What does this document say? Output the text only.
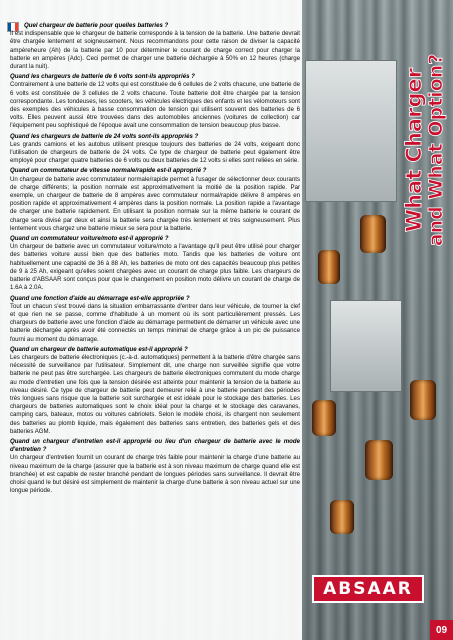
Quel chargeur de batterie pour quelles batteries ?

Il est indispensable que le chargeur de batterie corresponde à la tension de la batterie. Une batterie devrait être chargée lentement et soigneusement. Nous recommandons pour cette raison de diviser la capacité ampèreheure (Ah) de la batterie par 10 pour déterminer le courant de charge correct pour charger la batterie en ampères (Adc). Ceci permet de charger une batterie déchargée à 50% en 12 heures (charge durant la nuit).

Quand les chargeurs de batterie de 6 volts sont-ils appropriés ?

Contrairement à une batterie de 12 volts qui est constituée de 6 cellules de 2 volts chacune, une batterie de 6 volts est constituée de 3 cellules de 2 volts chacune. Toute batterie doit être chargée par la tension correspondante. Les tondeuses, les scooters, les véhicules électriques des enfants et les vélomoteurs sont des exemples des véhicules à basse consommation de tension qui utilisent souvent des batteries de 6 volts. Elles peuvent aussi être trouvées dans des automobiles anciennes (voitures de collection) car l'équipement peu sophistiqué de l'époque avait une consommation de tension beaucoup plus basse.

Quand les chargeurs de batterie de 24 volts sont-ils appropriés ?

Les grands camions et les autobus utilisent presque toujours des batteries de 24 volts, exigeant donc l'utilisation de chargeurs de batterie de 24 volts. Ce type de chargeur de batterie peut également être employé pour charger quatre batteries de 6 volts ou deux batteries de 12 volts si elles sont reliées en série.

Quand un commutateur de vitesse normale/rapide est-il approprié ?

Un chargeur de batterie avec commutateur normale/rapide permet à l'usager de sélectionner deux courants de charge différents; la position normale est approximativement la moitié de la position rapide. Par exemple, un chargeur de batterie de 8 ampères avec commutateur normal/rapide délivre 8 ampères en position rapide et approximativement 4 ampères dans la position normale. La position rapide a l'avantage de charger une batterie rapidement. En utilisant la position normale sur la même batterie le courant de charge sera divisé par deux et ainsi la batterie sera chargée très lentement et très soigneusement. Plus lentement vous chargez une batterie mieux se sera pour la batterie.

Quand un commutateur voiture/moto est-il approprié ?

Un chargeur de batterie avec un commutateur voiture/moto a l'avantage qu'il peut être utilisé pour charger des batteries voiture aussi bien que des batteries moto. Tandis que les batteries de voiture ont habituellement une capacité de 36 à 88 Ah, les batteries de moto ont des capacités beaucoup plus petites de 9 à 25 Ah, exigeant qu'elles soient chargées avec un courant de charge plus faible. Les chargeurs de batterie d'ABSAAR sont conçus pour que le changement en position moto délivre un courant de charge de 1.6A à 2.0A.

Quand une fonction d'aide au démarrage est-elle appropriée ?

Tout un chacun s'est trouvé dans la situation embarrassante d'entrer dans leur véhicule, de tourner la clef et que rien ne se passe, comme d'habitude à un moment où ils sont particulièrement pressés. Les chargeurs de batterie avec une fonction d'aide au démarrage permettent de démarrer un véhicule avec une batterie déchargée après avoir été connectés un temps minimal de charge grâce à un pic de puissance fourni au moment du démarrage.

Quand un chargeur de batterie automatique est-il approprié ?

Les chargeurs de batterie électroniques (c.-à-d. automatiques) permettent à la batterie d'être chargée sans nécessité de surveillance par l'utilisateur. Simplement dit, une charge non surveillée signifie que votre batterie ne peut pas être surchargée. Les chargeurs de batterie électroniques commutent du mode charge au mode d'entretien une fois que la tension désirée est atteinte pour maintenir la tension de la batterie au niveau désiré. Ce type de chargeur de batterie peut demeurer relié à une batterie pendant des périodes très longues sans risque que la batterie soit surchargée et est idéale pour le stockage des batteries. Les chargeurs de batteries automatiques sont le choix idéal pour la charge et le stockage des caravanes, camping cars, bateaux, motos ou voitures cabriolets. Selon le modèle choisi, ils chargent non seulement des batteries au plomb liquide, mais également des batteries sans entretien, des batteries gels et des batteries AGM.

Quand un chargeur d'entretien est-il approprié ou lieu d'un chargeur de batterie avec le mode d'entretien ?

Un chargeur d'entretien fournit un courant de charge très faible pour maintenir la charge d'une batterie au niveau maximum de la charge (assurer que la batterie est à son niveau maximum de charge quand elle est branchée) et est capable de rester branché pendant de longues périodes sans surveillance. Il devrait être choisi quand le but désiré est simplement de maintenir la charge d'une batterie à son niveau actuel sur une longue période.

What Charger and What Option?
ABSAAR
09
